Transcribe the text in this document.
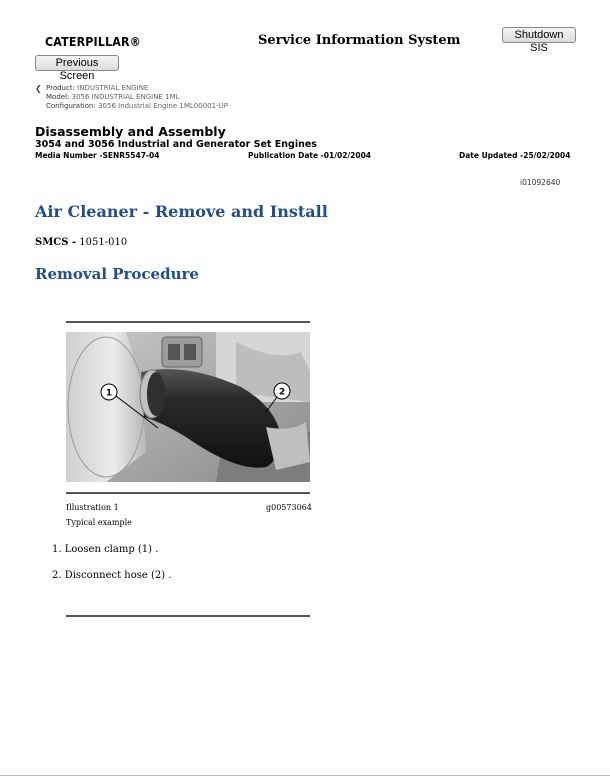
CATERPILLAR®	Service Information System	Shutdown SIS
Previous Screen
❮ Product: INDUSTRIAL ENGINE
Model: 3056 INDUSTRIAL ENGINE 1ML
Configuration: 3056 Industrial Engine 1ML00001-UP
Disassembly and Assembly
3054 and 3056 Industrial and Generator Set Engines
Media Number -SENR5547-04	Publication Date -01/02/2004	Date Updated -25/02/2004
i01092640
Air Cleaner - Remove and Install
SMCS - 1051-010
Removal Procedure
1	2
Illustration 1	g00573064
Typical example
1. Loosen clamp (1) .
2. Disconnect hose (2) .
